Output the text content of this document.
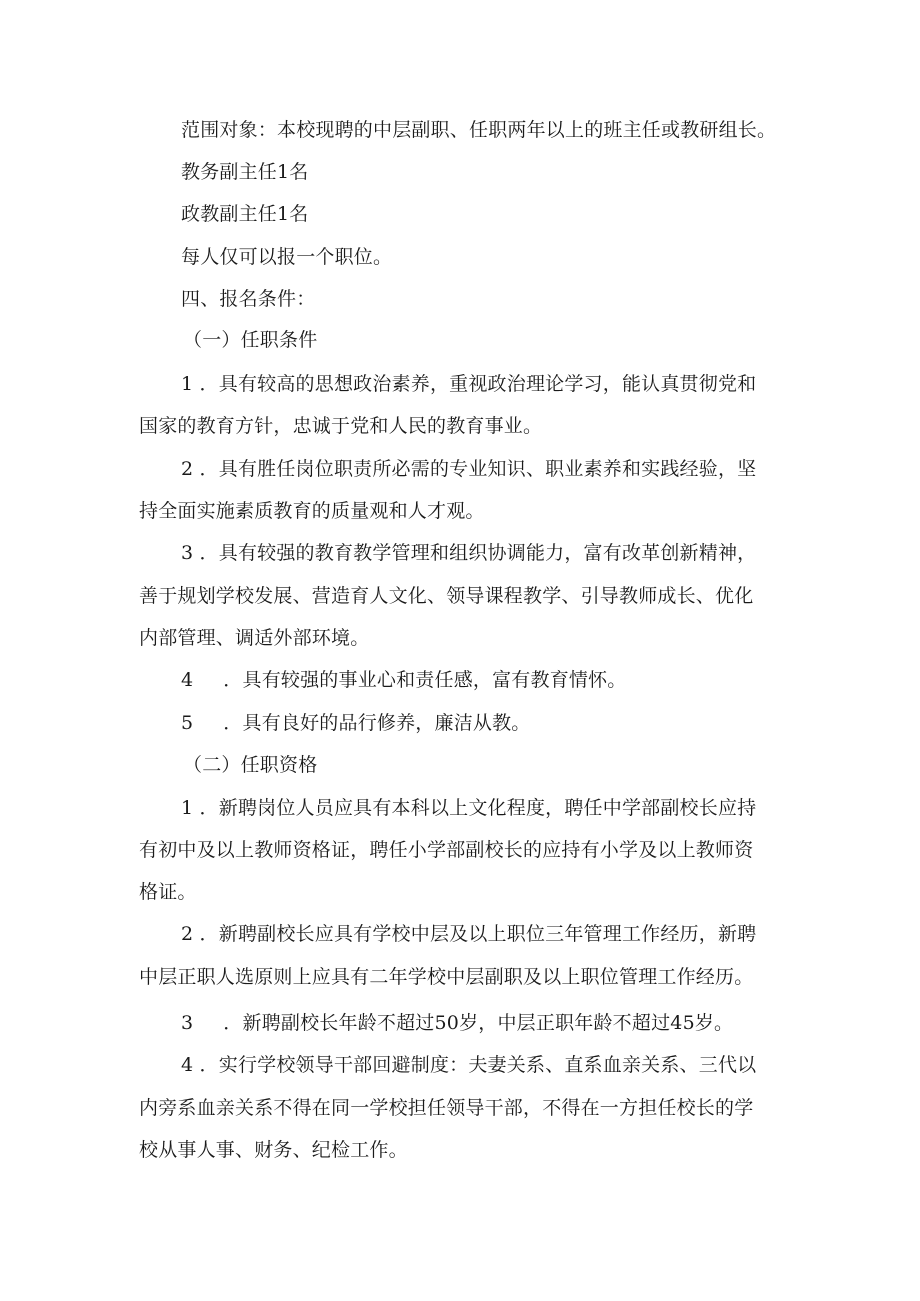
范围对象：本校现聘的中层副职、任职两年以上的班主任或教研组长。
教务副主任1名
政教副主任1名
每人仅可以报一个职位。
四、报名条件：
（一）任职条件
1 ．具有较高的思想政治素养，重视政治理论学习，能认真贯彻党和
国家的教育方针，忠诚于党和人民的教育事业。
2 ．具有胜任岗位职责所必需的专业知识、职业素养和实践经验，坚
持全面实施素质教育的质量观和人才观。
3 ．具有较强的教育教学管理和组织协调能力，富有改革创新精神，
善于规划学校发展、营造育人文化、领导课程教学、引导教师成长、优化
内部管理、调适外部环境。
4 ．具有较强的事业心和责任感，富有教育情怀。
5 ．具有良好的品行修养，廉洁从教。
（二）任职资格
1 ．新聘岗位人员应具有本科以上文化程度，聘任中学部副校长应持
有初中及以上教师资格证，聘任小学部副校长的应持有小学及以上教师资
格证。
2 ．新聘副校长应具有学校中层及以上职位三年管理工作经历，新聘
中层正职人选原则上应具有二年学校中层副职及以上职位管理工作经历。
3 ．新聘副校长年龄不超过50岁，中层正职年龄不超过45岁。
4 ．实行学校领导干部回避制度：夫妻关系、直系血亲关系、三代以
内旁系血亲关系不得在同一学校担任领导干部，不得在一方担任校长的学
校从事人事、财务、纪检工作。
